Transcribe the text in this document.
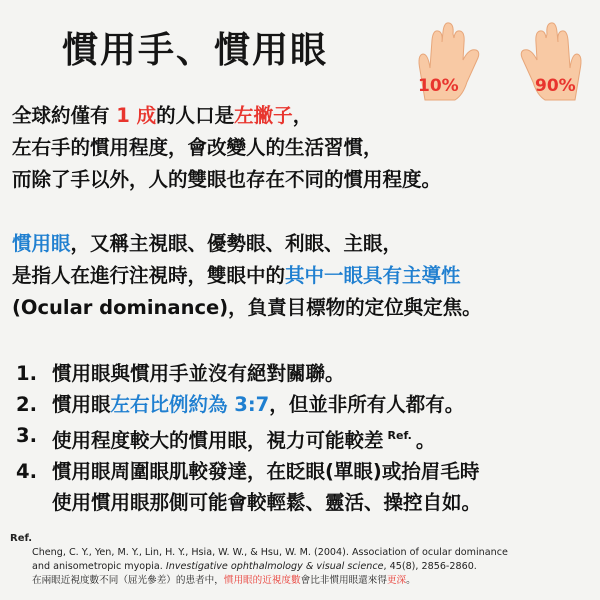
慣用手、慣用眼
10%	90%
全球約僅有 1 成的人口是左撇子，
左右手的慣用程度，會改變人的生活習慣，
而除了手以外，人的雙眼也存在不同的慣用程度。
慣用眼，又稱主視眼、優勢眼、利眼、主眼，
是指人在進行注視時，雙眼中的其中一眼具有主導性
(Ocular dominance)，負責目標物的定位與定焦。
1. 慣用眼與慣用手並沒有絕對關聯。
2. 慣用眼左右比例約為 3:7，但並非所有人都有。
3. 使用程度較大的慣用眼，視力可能較差 $^{Ref.}$ 。
4. 慣用眼周圍眼肌較發達，在眨眼(單眼)或抬眉毛時
使用慣用眼那側可能會較輕鬆、靈活、操控自如。
Ref.
Cheng, C. Y., Yen, M. Y., Lin, H. Y., Hsia, W. W., & Hsu, W. M. (2004). Association of ocular dominance
and anisometropic myopia. Investigative ophthalmology & visual science, 45(8), 2856-2860.
在兩眼近視度數不同（屈光參差）的患者中，慣用眼的近視度數會比非慣用眼還來得更深。
